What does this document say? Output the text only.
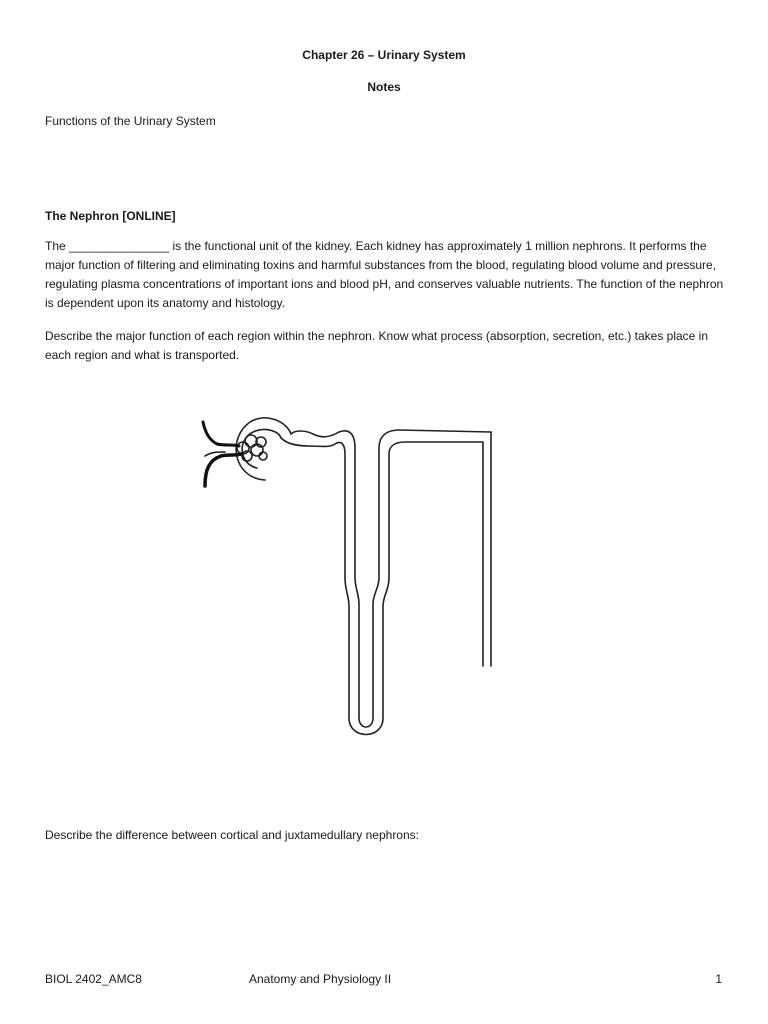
Chapter 26 – Urinary System
Notes
Functions of the Urinary System
The Nephron [ONLINE]
The _______________ is the functional unit of the kidney. Each kidney has approximately 1 million nephrons. It performs the major function of filtering and eliminating toxins and harmful substances from the blood, regulating blood volume and pressure, regulating plasma concentrations of important ions and blood pH, and conserves valuable nutrients. The function of the nephron is dependent upon its anatomy and histology.
Describe the major function of each region within the nephron. Know what process (absorption, secretion, etc.) takes place in each region and what is transported.
Describe the difference between cortical and juxtamedullary nephrons:
BIOL 2402_AMC8	Anatomy and Physiology II	1
